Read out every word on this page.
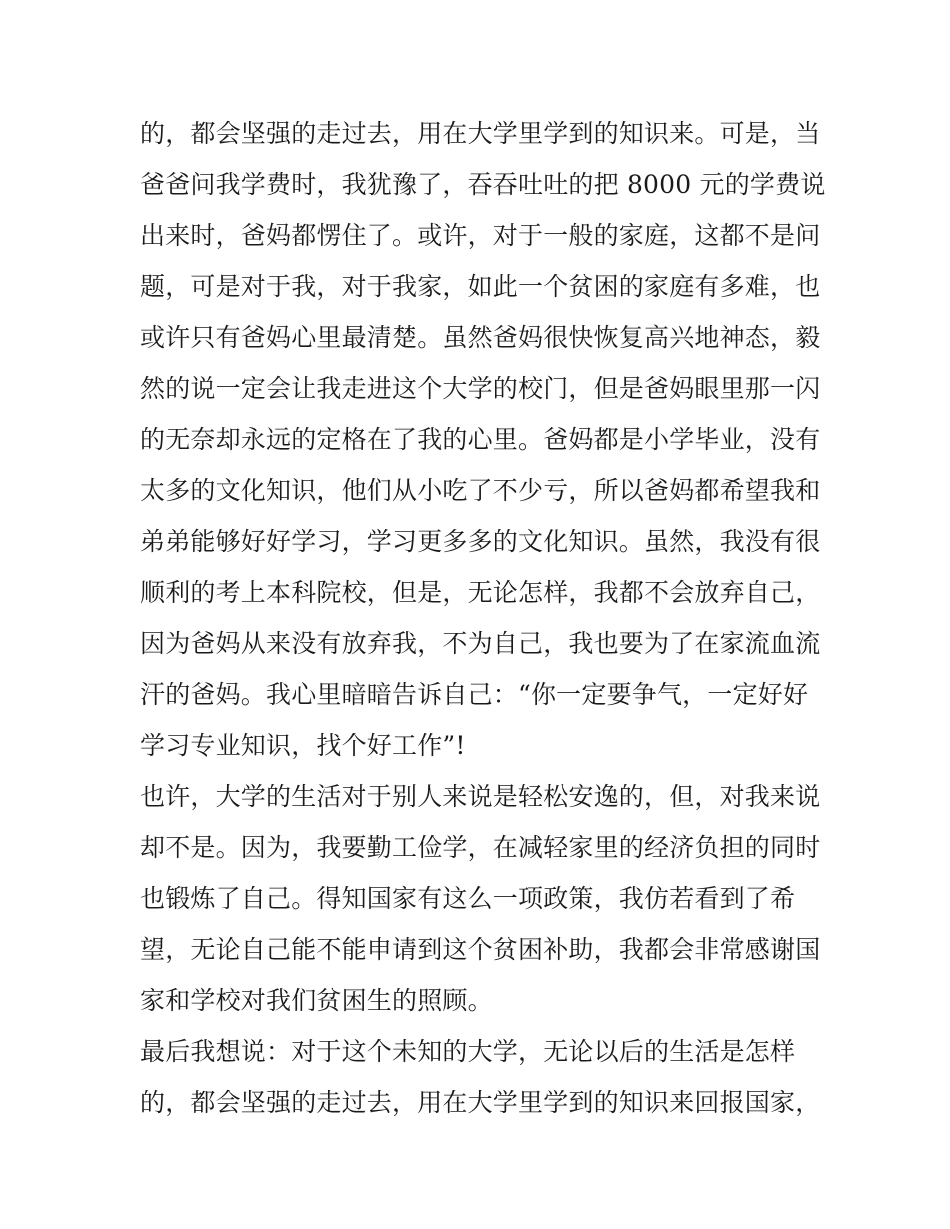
的，都会坚强的走过去，用在大学里学到的知识来。可是，当
爸爸问我学费时，我犹豫了，吞吞吐吐的把 8000 元的学费说
出来时，爸妈都愣住了。或许，对于一般的家庭，这都不是问
题，可是对于我，对于我家，如此一个贫困的家庭有多难，也
或许只有爸妈心里最清楚。虽然爸妈很快恢复高兴地神态，毅
然的说一定会让我走进这个大学的校门，但是爸妈眼里那一闪
的无奈却永远的定格在了我的心里。爸妈都是小学毕业，没有
太多的文化知识，他们从小吃了不少亏，所以爸妈都希望我和
弟弟能够好好学习，学习更多多的文化知识。虽然，我没有很
顺利的考上本科院校，但是，无论怎样，我都不会放弃自己，
因为爸妈从来没有放弃我，不为自己，我也要为了在家流血流
汗的爸妈。我心里暗暗告诉自己：“你一定要争气，一定好好
学习专业知识，找个好工作”!
也许，大学的生活对于别人来说是轻松安逸的，但，对我来说
却不是。因为，我要勤工俭学，在减轻家里的经济负担的同时
也锻炼了自己。得知国家有这么一项政策，我仿若看到了希
望，无论自己能不能申请到这个贫困补助，我都会非常感谢国
家和学校对我们贫困生的照顾。
最后我想说：对于这个未知的大学，无论以后的生活是怎样
的，都会坚强的走过去，用在大学里学到的知识来回报国家，
